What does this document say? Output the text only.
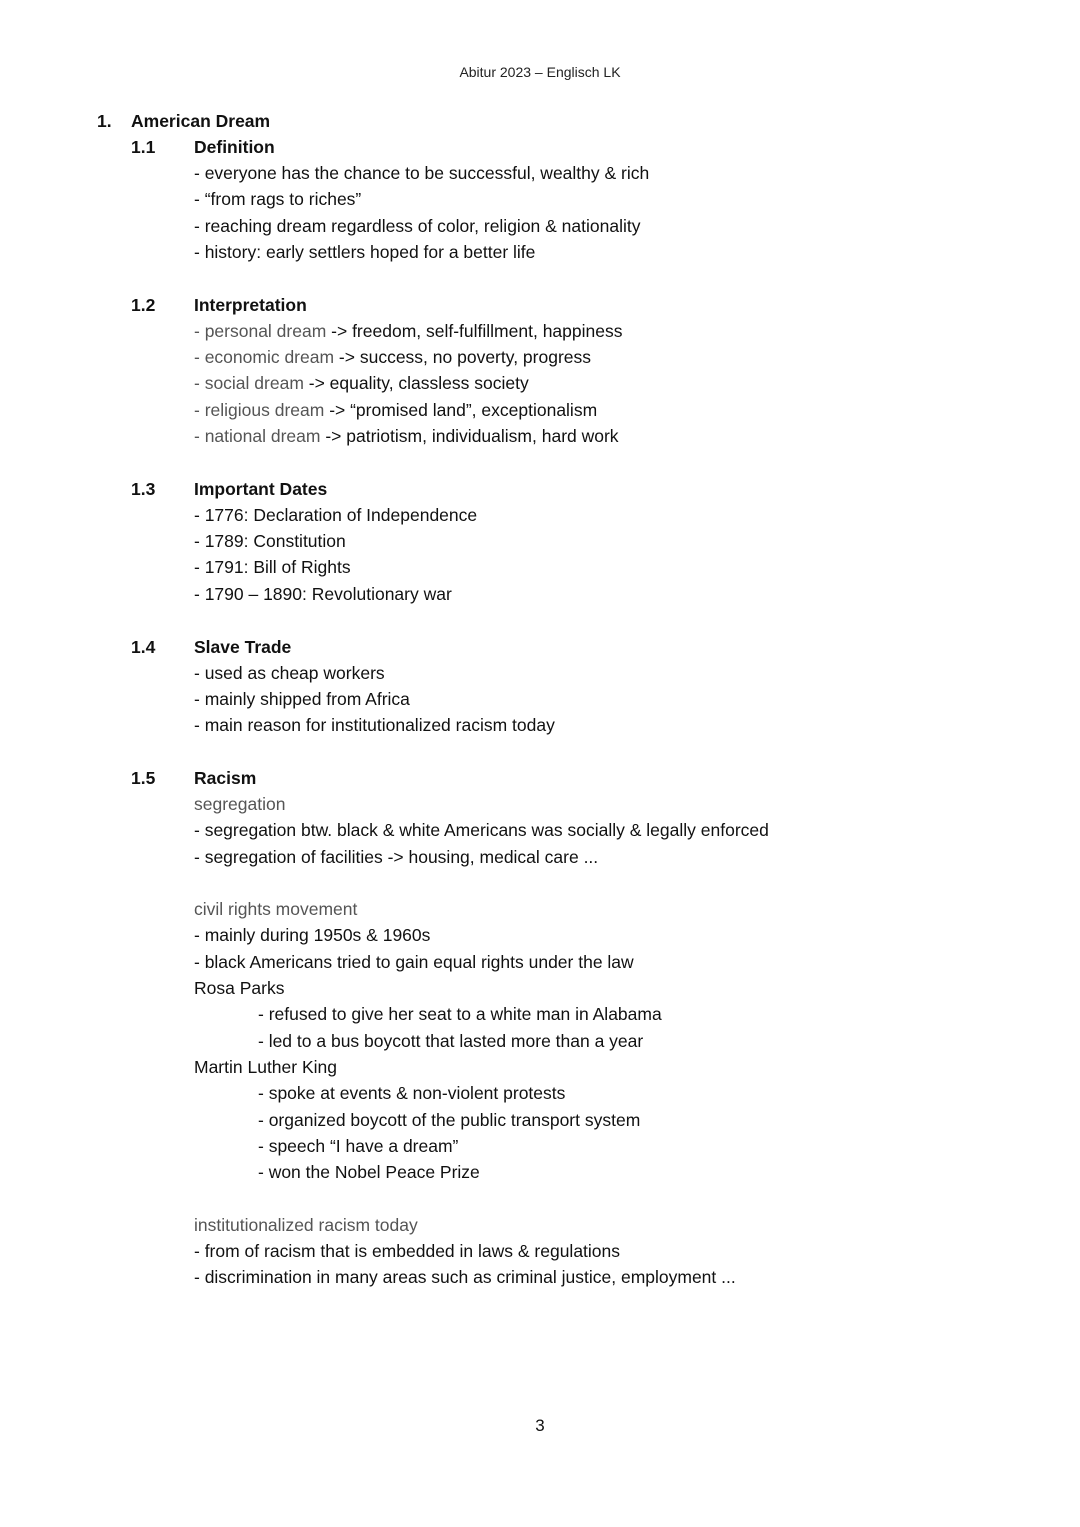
Abitur 2023 – Englisch LK
1. American Dream
1.1 Definition
- everyone has the chance to be successful, wealthy & rich
- “from rags to riches”
- reaching dream regardless of color, religion & nationality
- history: early settlers hoped for a better life
1.2 Interpretation
- personal dream -> freedom, self-fulfillment, happiness
- economic dream -> success, no poverty, progress
- social dream -> equality, classless society
- religious dream -> “promised land”, exceptionalism
- national dream -> patriotism, individualism, hard work
1.3 Important Dates
- 1776: Declaration of Independence
- 1789: Constitution
- 1791: Bill of Rights
- 1790 – 1890: Revolutionary war
1.4 Slave Trade
- used as cheap workers
- mainly shipped from Africa
- main reason for institutionalized racism today
1.5 Racism
segregation
- segregation btw. black & white Americans was socially & legally enforced
- segregation of facilities -> housing, medical care ...
civil rights movement
- mainly during 1950s & 1960s
- black Americans tried to gain equal rights under the law
Rosa Parks
- refused to give her seat to a white man in Alabama
- led to a bus boycott that lasted more than a year
Martin Luther King
- spoke at events & non-violent protests
- organized boycott of the public transport system
- speech “I have a dream”
- won the Nobel Peace Prize
institutionalized racism today
- from of racism that is embedded in laws & regulations
- discrimination in many areas such as criminal justice, employment ...
3
